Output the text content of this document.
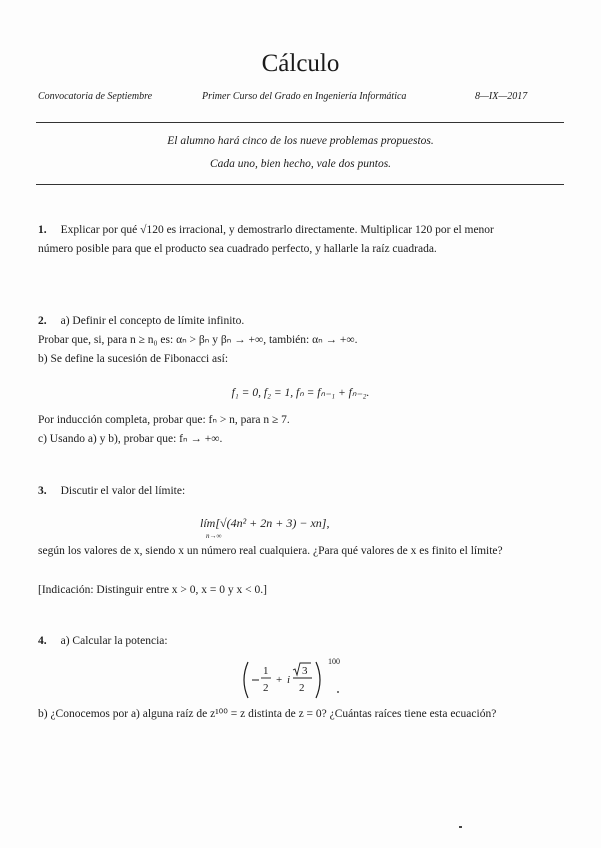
Cálculo
Convocatoria de Septiembre	Primer Curso del Grado en Ingeniería Informática	8—IX—2017
El alumno hará cinco de los nueve problemas propuestos.
Cada uno, bien hecho, vale dos puntos.
1. Explicar por qué √120 es irracional, y demostrarlo directamente. Multiplicar 120 por el menor número posible para que el producto sea cuadrado perfecto, y hallarle la raíz cuadrada.
2. a) Definir el concepto de límite infinito.
Probar que, si, para n ≥ n₀ es: αₙ > βₙ y βₙ → +∞, también: αₙ → +∞.
b) Se define la sucesión de Fibonacci así:
f₁ = 0, f₂ = 1, fₙ = fₙ₋₁ + fₙ₋₂.
Por inducción completa, probar que: fₙ > n, para n ≥ 7.
c) Usando a) y b), probar que: fₙ → +∞.
3. Discutir el valor del límite:
lím[√(4n² + 2n + 3) − xn],
n→∞
según los valores de x, siendo x un número real cualquiera. ¿Para qué valores de x es finito el límite?
[Indicación: Distinguir entre x > 0, x = 0 y x < 0.]
4. a) Calcular la potencia:
1
2
+ i
3
2
100
b) ¿Conocemos por a) alguna raíz de z¹⁰⁰ = z distinta de z = 0? ¿Cuántas raíces tiene esta ecuación?
